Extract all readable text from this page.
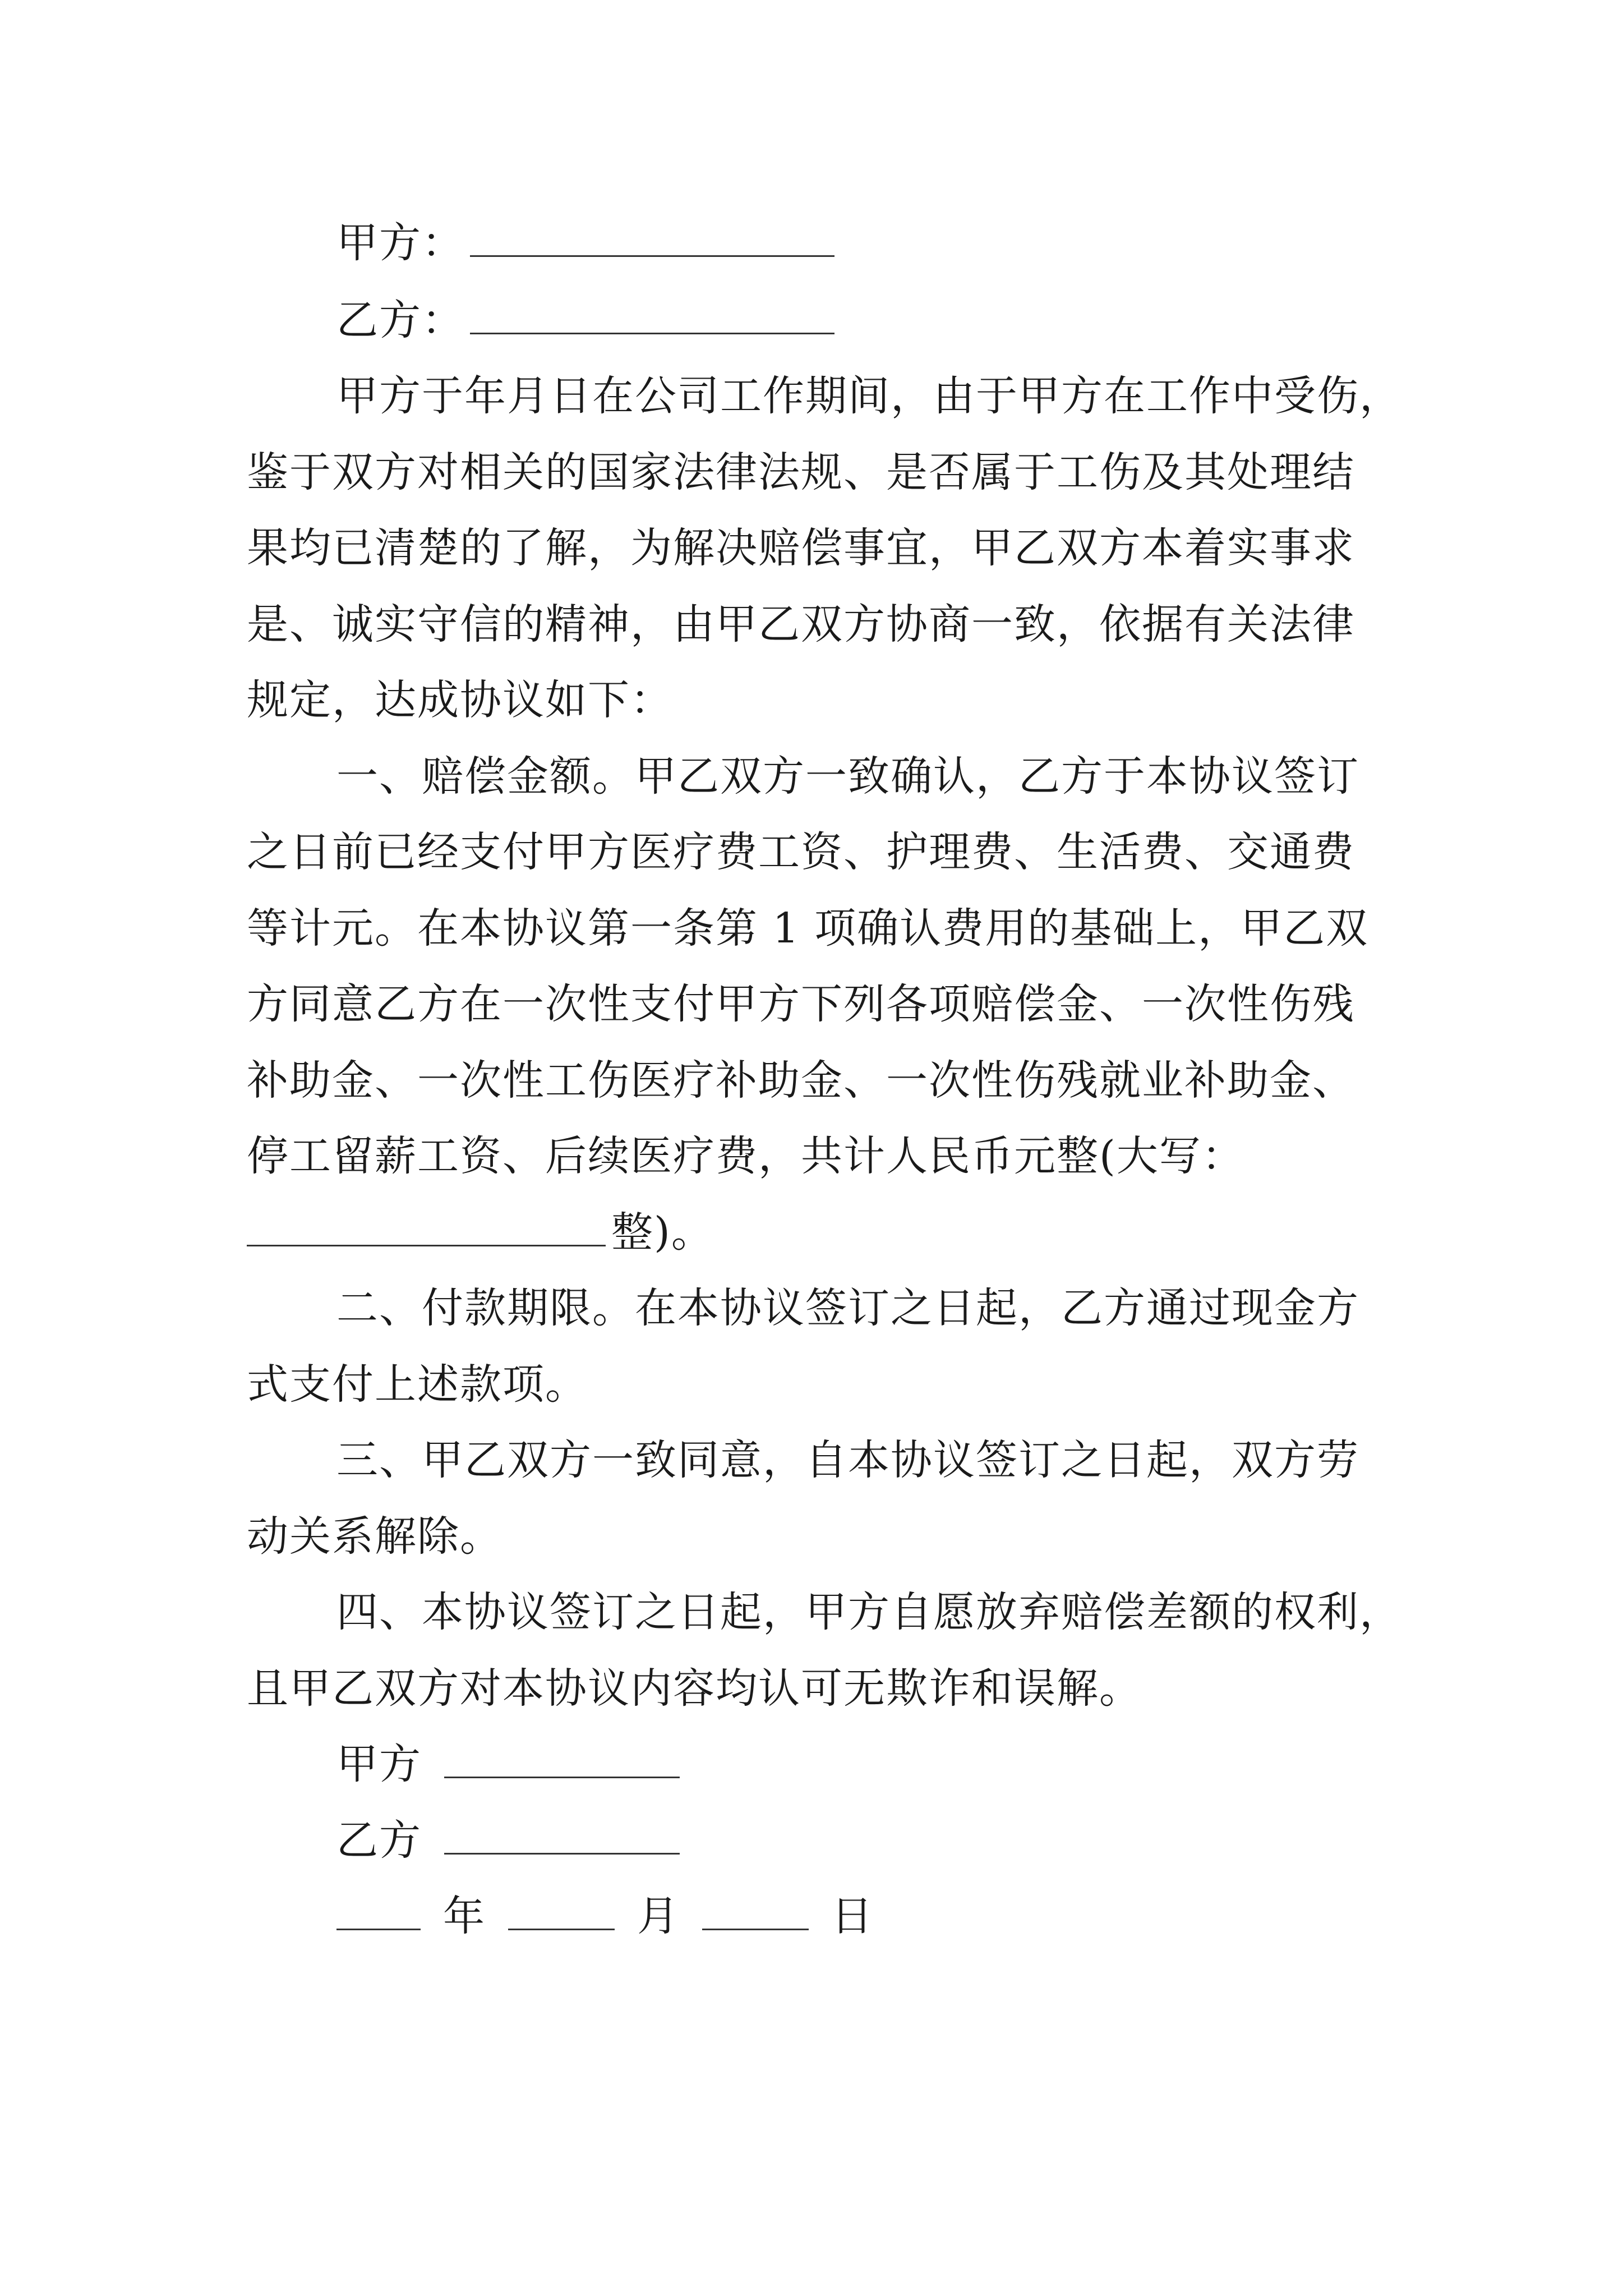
甲方：
乙方：
甲方于年月日在公司工作期间，由于甲方在工作中受伤，
鉴于双方对相关的国家法律法规、是否属于工伤及其处理结
果均已清楚的了解，为解决赔偿事宜，甲乙双方本着实事求
是、诚实守信的精神，由甲乙双方协商一致，依据有关法律
规定，达成协议如下：
一、赔偿金额。甲乙双方一致确认，乙方于本协议签订
之日前已经支付甲方医疗费工资、护理费、生活费、交通费
等计元。在本协议第一条第 1 项确认费用的基础上，甲乙双
方同意乙方在一次性支付甲方下列各项赔偿金、一次性伤残
补助金、一次性工伤医疗补助金、一次性伤残就业补助金、
停工留薪工资、后续医疗费，共计人民币元整(大写：
整)。
二、付款期限。在本协议签订之日起，乙方通过现金方
式支付上述款项。
三、甲乙双方一致同意，自本协议签订之日起，双方劳
动关系解除。
四、本协议签订之日起，甲方自愿放弃赔偿差额的权利，
且甲乙双方对本协议内容均认可无欺诈和误解。
甲方
乙方
年	月	日
